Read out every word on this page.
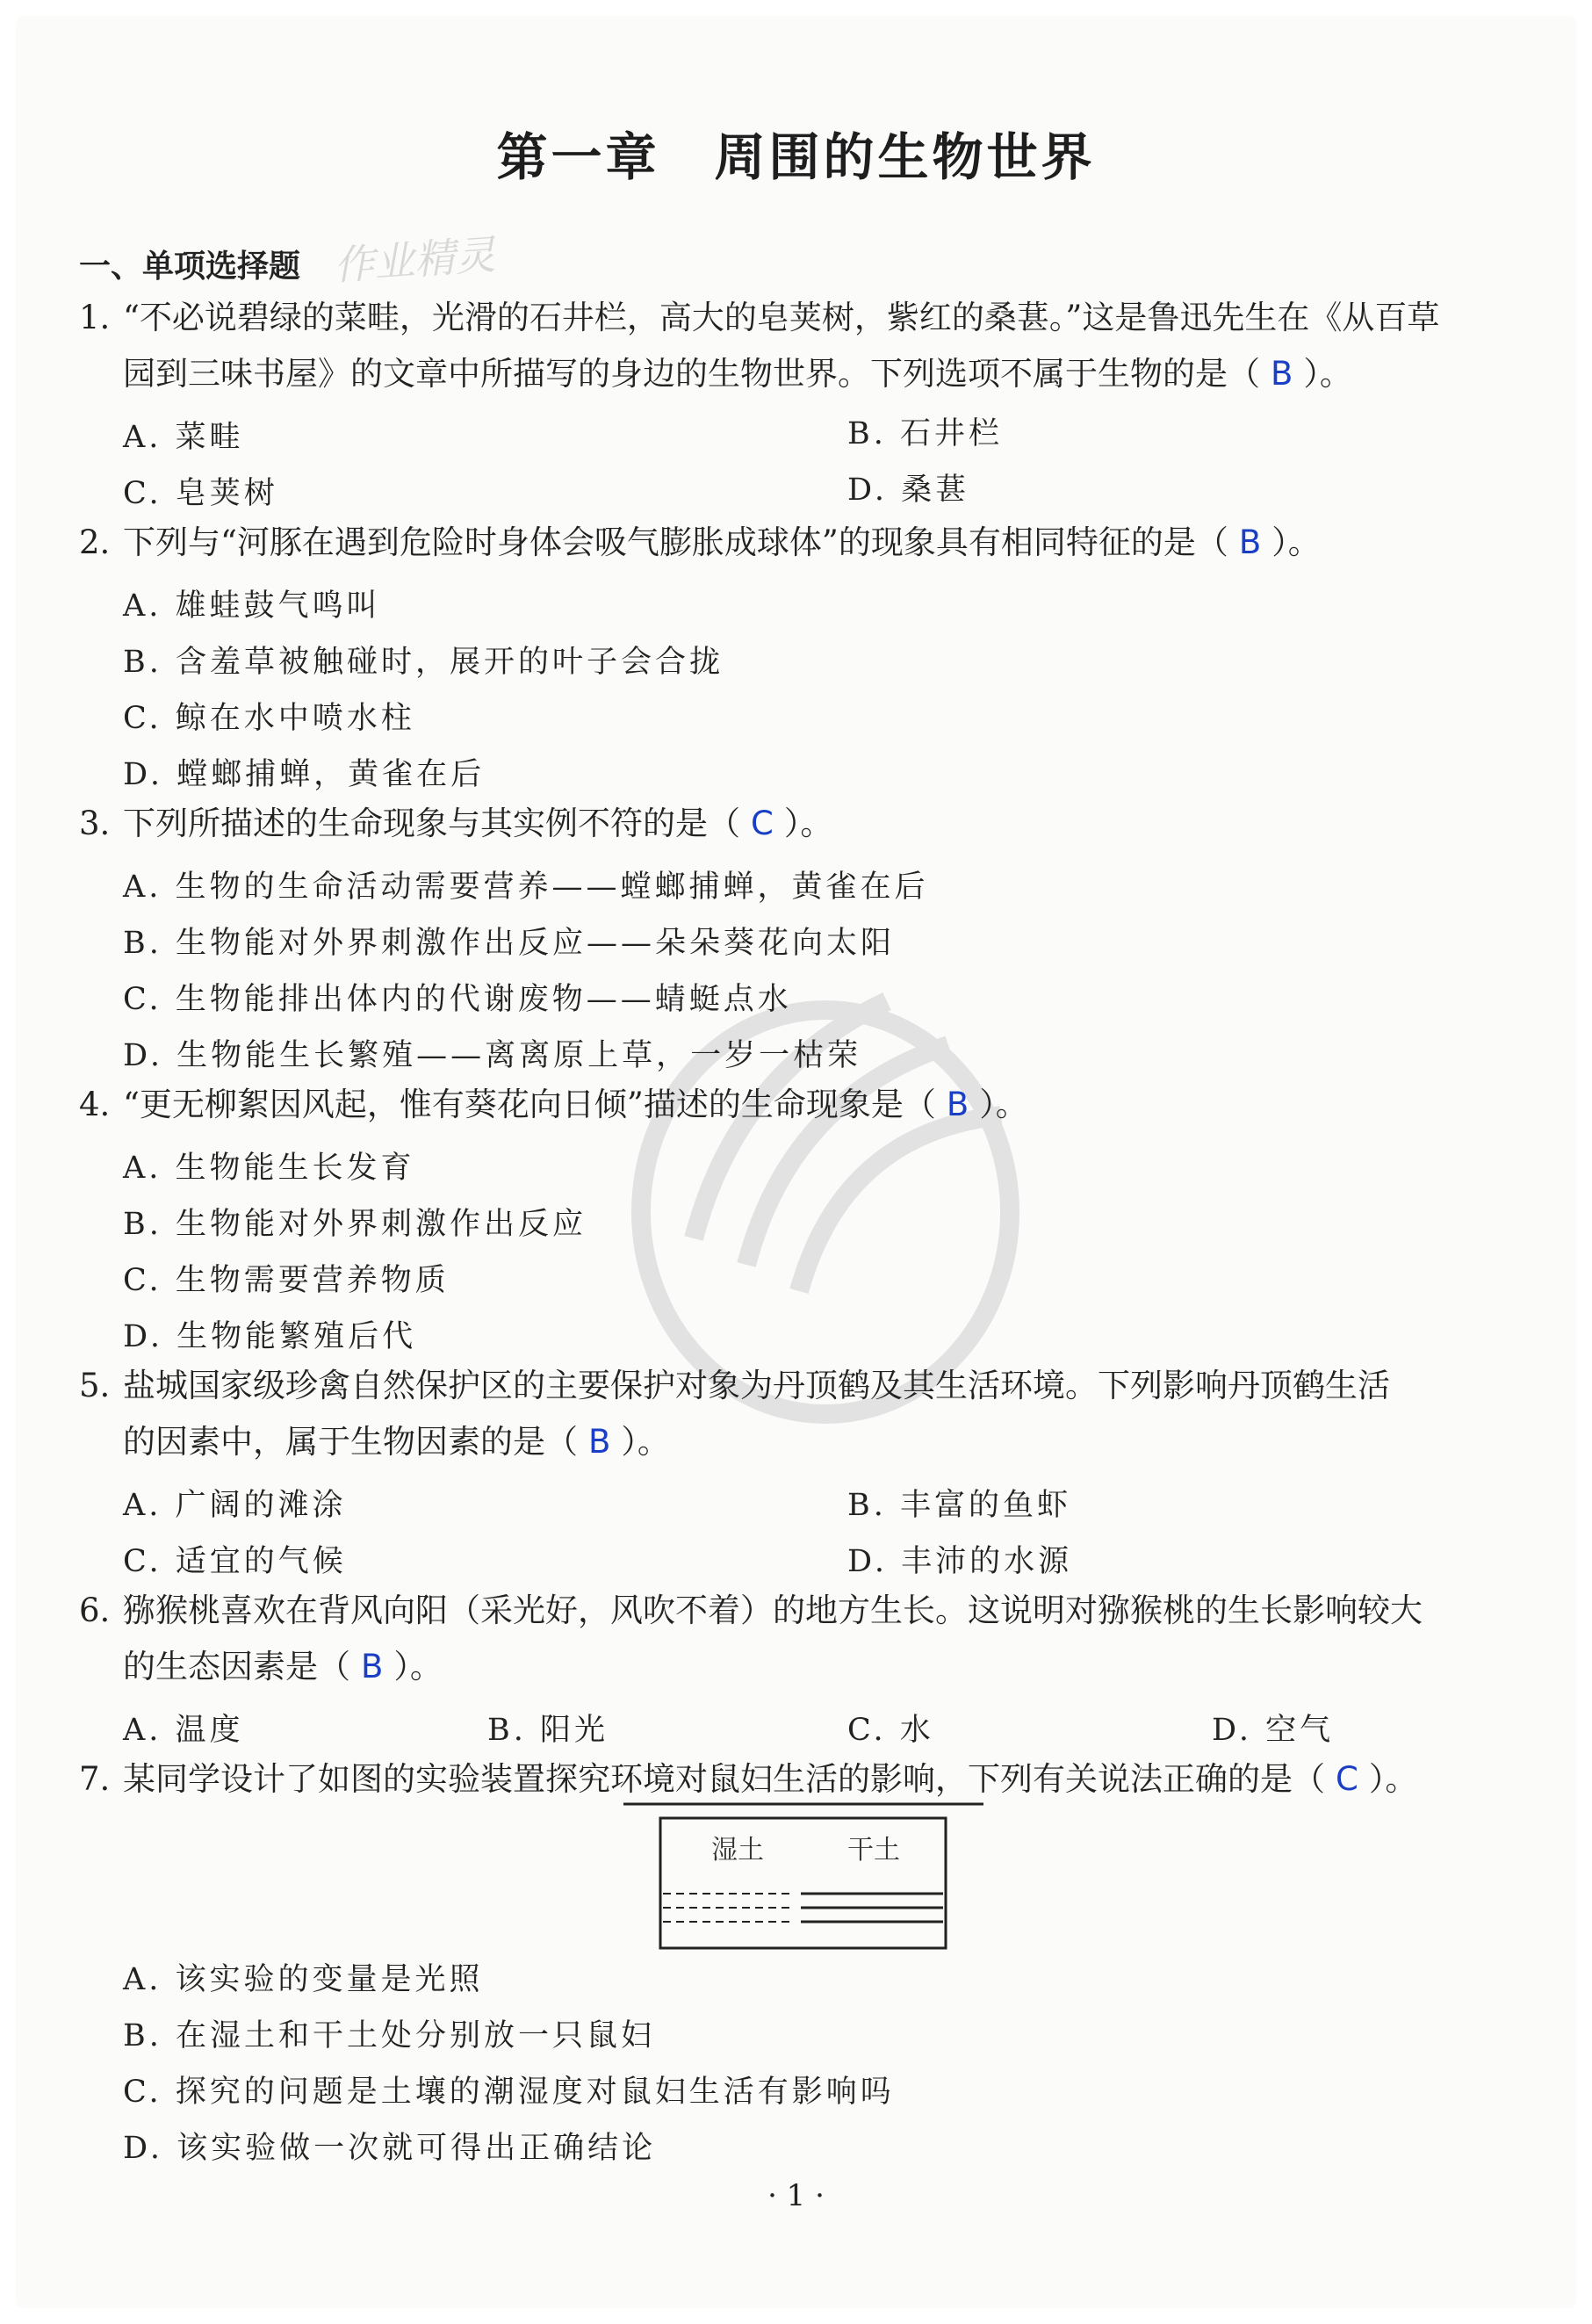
作业精灵
第一章　周围的生物世界
一、单项选择题
1. “不必说碧绿的菜畦，光滑的石井栏，高大的皂荚树，紫红的桑葚。”这是鲁迅先生在《从百草
园到三味书屋》的文章中所描写的身边的生物世界。下列选项不属于生物的是（ B ）。
A. 菜畦	B. 石井栏
C. 皂荚树	D. 桑葚
2. 下列与“河豚在遇到危险时身体会吸气膨胀成球体”的现象具有相同特征的是（ B ）。
A. 雄蛙鼓气鸣叫
B. 含羞草被触碰时，展开的叶子会合拢
C. 鲸在水中喷水柱
D. 螳螂捕蝉，黄雀在后
3. 下列所描述的生命现象与其实例不符的是（ C ）。
A. 生物的生命活动需要营养——螳螂捕蝉，黄雀在后
B. 生物能对外界刺激作出反应——朵朵葵花向太阳
C. 生物能排出体内的代谢废物——蜻蜓点水
D. 生物能生长繁殖——离离原上草，一岁一枯荣
4. “更无柳絮因风起，惟有葵花向日倾”描述的生命现象是（ B ）。
A. 生物能生长发育
B. 生物能对外界刺激作出反应
C. 生物需要营养物质
D. 生物能繁殖后代
5. 盐城国家级珍禽自然保护区的主要保护对象为丹顶鹤及其生活环境。下列影响丹顶鹤生活
的因素中，属于生物因素的是（ B ）。
A. 广阔的滩涂	B. 丰富的鱼虾
C. 适宜的气候	D. 丰沛的水源
6. 猕猴桃喜欢在背风向阳（采光好，风吹不着）的地方生长。这说明对猕猴桃的生长影响较大
的生态因素是（ B ）。
A. 温度	B. 阳光	C. 水	D. 空气
7. 某同学设计了如图的实验装置探究环境对鼠妇生活的影响，下列有关说法正确的是（ C ）。
湿土	干土
A. 该实验的变量是光照
B. 在湿土和干土处分别放一只鼠妇
C. 探究的问题是土壤的潮湿度对鼠妇生活有影响吗
D. 该实验做一次就可得出正确结论
· 1 ·
